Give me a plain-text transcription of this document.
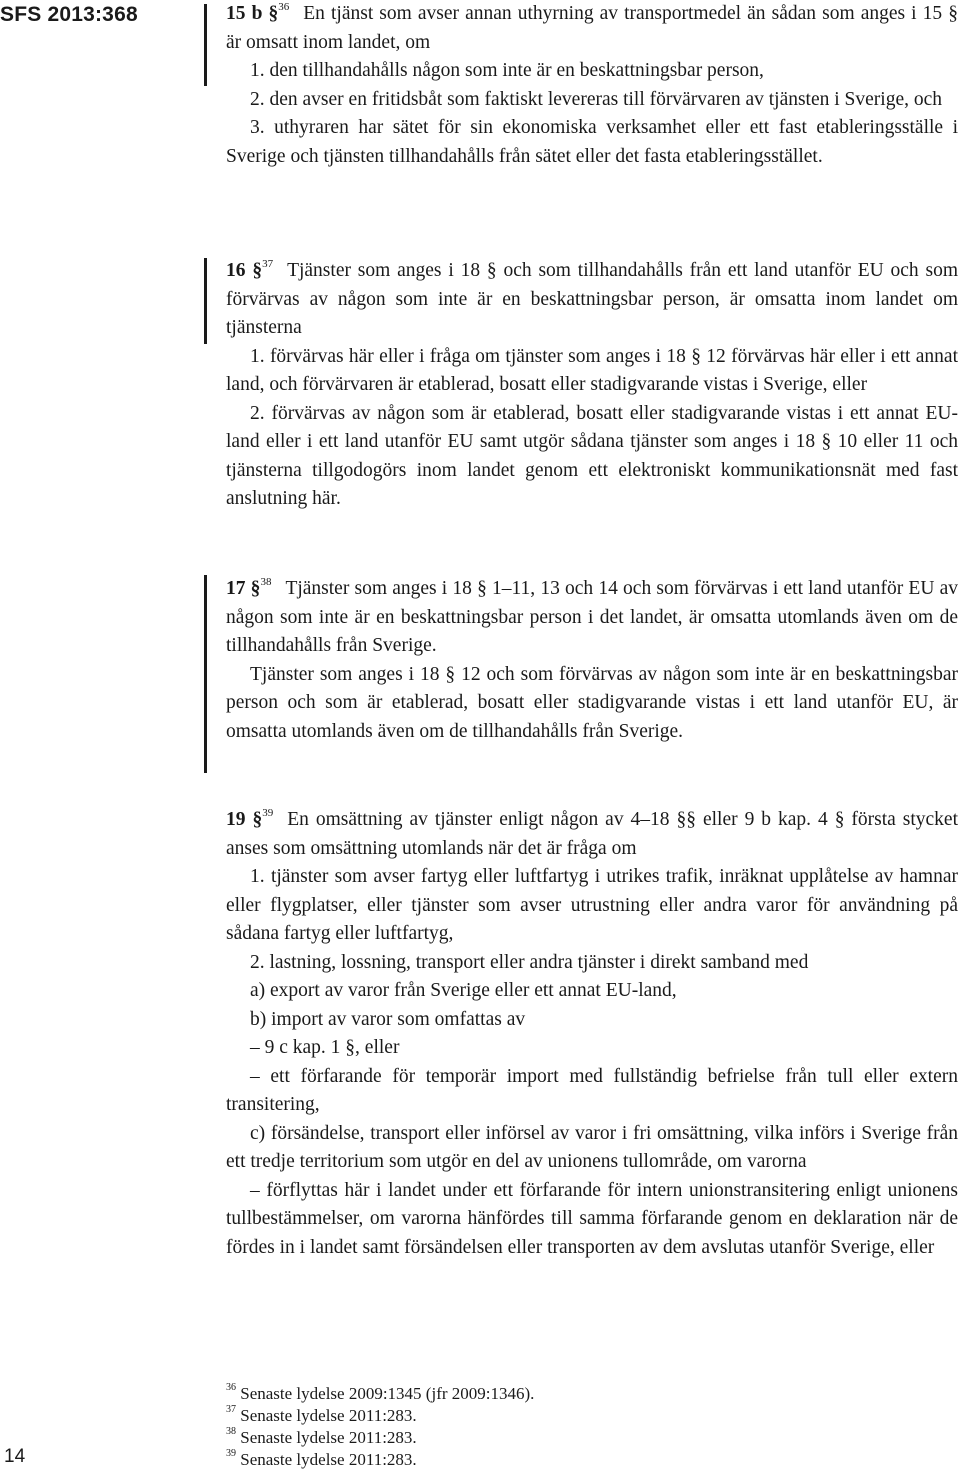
SFS 2013:368	15 b §$^{36}$ En tjänst som avser annan uthyrning av transportmedel än sådan som anges i 15 § är omsatt inom landet, om

1. den tillhandahålls någon som inte är en beskattningsbar person,

2. den avser en fritidsbåt som faktiskt levereras till förvärvaren av tjänsten i Sverige, och

3. uthyraren har sätet för sin ekonomiska verksamhet eller ett fast etableringsställe i Sverige och tjänsten tillhandahålls från sätet eller det fasta etableringsstället.

16 §$^{37}$ Tjänster som anges i 18 § och som tillhandahålls från ett land utanför EU och som förvärvas av någon som inte är en beskattningsbar person, är omsatta inom landet om tjänsterna

1. förvärvas här eller i fråga om tjänster som anges i 18 § 12 förvärvas här eller i ett annat land, och förvärvaren är etablerad, bosatt eller stadigvarande vistas i Sverige, eller

2. förvärvas av någon som är etablerad, bosatt eller stadigvarande vistas i ett annat EU-land eller i ett land utanför EU samt utgör sådana tjänster som anges i 18 § 10 eller 11 och tjänsterna tillgodogörs inom landet genom ett elektroniskt kommunikationsnät med fast anslutning här.

17 §$^{38}$ Tjänster som anges i 18 § 1–11, 13 och 14 och som förvärvas i ett land utanför EU av någon som inte är en beskattningsbar person i det landet, är omsatta utomlands även om de tillhandahålls från Sverige.

Tjänster som anges i 18 § 12 och som förvärvas av någon som inte är en beskattningsbar person och som är etablerad, bosatt eller stadigvarande vistas i ett land utanför EU, är omsatta utomlands även om de tillhandahålls från Sverige.

19 §$^{39}$ En omsättning av tjänster enligt någon av 4–18 §§ eller 9 b kap. 4 § första stycket anses som omsättning utomlands när det är fråga om

1. tjänster som avser fartyg eller luftfartyg i utrikes trafik, inräknat upplåtelse av hamnar eller flygplatser, eller tjänster som avser utrustning eller andra varor för användning på sådana fartyg eller luftfartyg,

2. lastning, lossning, transport eller andra tjänster i direkt samband med

a) export av varor från Sverige eller ett annat EU-land,

b) import av varor som omfattas av

– 9 c kap. 1 §, eller

– ett förfarande för temporär import med fullständig befrielse från tull eller extern transitering,

c) försändelse, transport eller införsel av varor i fri omsättning, vilka införs i Sverige från ett tredje territorium som utgör en del av unionens tullområde, om varorna

– förflyttas här i landet under ett förfarande för intern unionstransitering enligt unionens tullbestämmelser, om varorna hänfördes till samma förfarande genom en deklaration när de fördes in i landet samt försändelsen eller transporten av dem avslutas utanför Sverige, eller

$^{36}$ Senaste lydelse 2009:1345 (jfr 2009:1346).

$^{37}$ Senaste lydelse 2011:283.

$^{38}$ Senaste lydelse 2011:283.

$^{39}$ Senaste lydelse 2011:283.

14
